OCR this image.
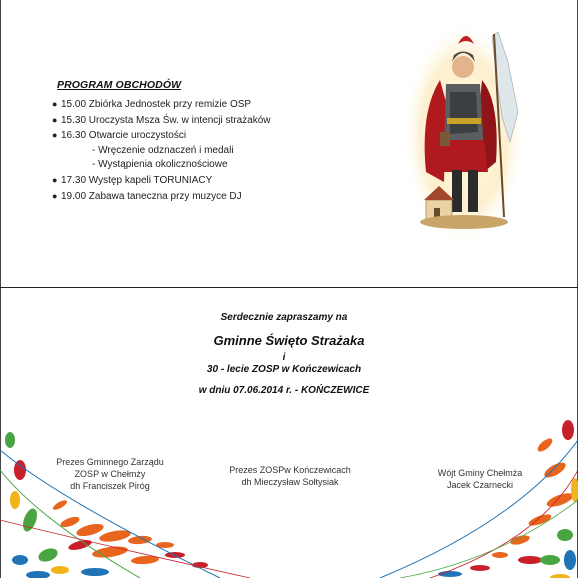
PROGRAM OBCHODÓW
● 15.00 Zbiórka Jednostek przy remizie OSP
● 15.30 Uroczysta Msza Św. w intencji strażaków
● 16.30 Otwarcie uroczystości
- Wręczenie odznaczeń i medali
- Wystąpienia okolicznościowe
● 17.30 Występ kapeli TORUNIACY
● 19.00 Zabawa taneczna przy muzyce DJ
Serdecznie zapraszamy na
Gminne Święto Strażaka
i
30 - lecie ZOSP w Kończewicach
w dniu 07.06.2014 r. - KOŃCZEWICE
Prezes Gminnego Zarządu
ZOSP w Chełmży
dh Franciszek Piróg
Prezes ZOSPw Kończewicach
dh Mieczysław Sołtysiak
Wójt Gminy Chełmża
Jacek Czarnecki
